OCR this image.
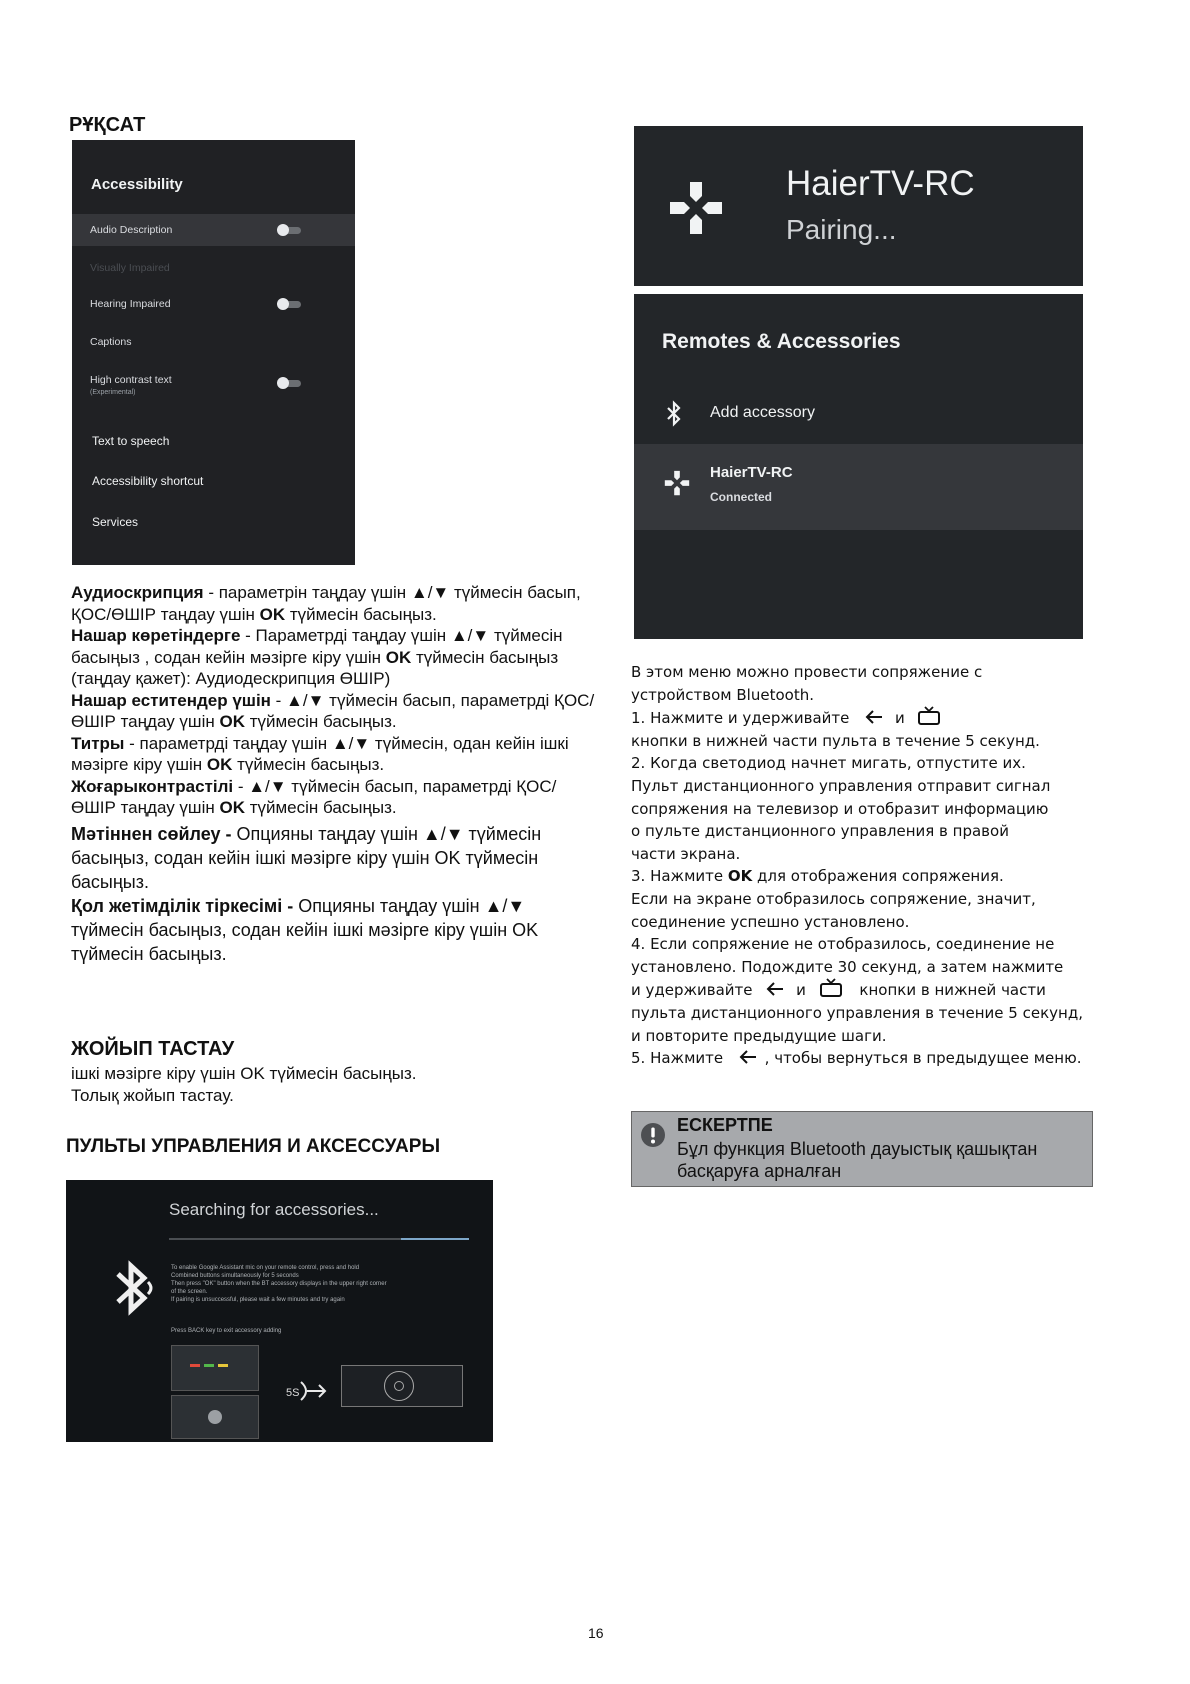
РҰҚСАТ
Accessibility
Audio Description
Visually Impaired
Hearing Impaired
Captions
High contrast text
(Experimental)
Text to speech
Accessibility shortcut
Services
Аудиоскрипция - параметрін таңдау үшін ▲/▼ түймесін басып, ҚОС/ӨШІР таңдау үшін OK түймесін басыңыз.
Нашар көретіндерге - Параметрді таңдау үшін ▲/▼ түймесін басыңыз , содан кейін мәзірге кіру үшін OK түймесін басыңыз (таңдау қажет): Аудиодескрипция ӨШІР)
Нашар еститендер үшін - ▲/▼ түймесін басып, параметрді ҚОС/ӨШІР таңдау үшін OK түймесін басыңыз.
Титры - параметрді таңдау үшін ▲/▼ түймесін, одан кейін ішкі мәзірге кіру үшін OK түймесін басыңыз.
Жоғарыконтрастілі - ▲/▼ түймесін басып, параметрді ҚОС/ӨШІР таңдау үшін OK түймесін басыңыз.
Мәтіннен сөйлеу - Опцияны таңдау үшін ▲/▼ түймесін басыңыз, содан кейін ішкі мәзірге кіру үшін OK түймесін басыңыз.
Қол жетімділік тіркесімі - Опцияны таңдау үшін ▲/▼ түймесін басыңыз, содан кейін ішкі мәзірге кіру үшін OK түймесін басыңыз.
ЖОЙЫП ТАСТАУ
ішкі мәзірге кіру үшін OK түймесін басыңыз.
Толық жойып тастау.
ПУЛЬТЫ УПРАВЛЕНИЯ И АКСЕССУАРЫ
Searching for accessories...
To enable Google Assistant mic on your remote control, press and hold
Combined buttons simultaneously for 5 seconds
Then press "OK" button when the BT accessory displays in the upper right corner
of the screen.
If pairing is unsuccessful, please wait a few minutes and try again
Press BACK key to exit accessory adding
5S
HaierTV-RC
Pairing...
Remotes & Accessories
Add accessory
HaierTV-RC
Connected
В этом меню можно провести сопряжение с
устройством Bluetooth.
1. Нажмите и удерживайте	и
кнопки в нижней части пульта в течение 5 секунд.
2. Когда светодиод начнет мигать, отпустите их.
Пульт дистанционного управления отправит сигнал
сопряжения на телевизор и отобразит информацию
о пульте дистанционного управления в правой
части экрана.
3. Нажмите OK для отображения сопряжения.
Если на экране отобразилось сопряжение, значит,
соединение успешно установлено.
4. Если сопряжение не отобразилось, соединение не
установлено. Подождите 30 секунд, а затем нажмите
и удерживайте	и	кнопки в нижней части
пульта дистанционного управления в течение 5 секунд,
и повторите предыдущие шаги.
5. Нажмите	, чтобы вернуться в предыдущее меню.
ЕСКЕРТПЕ
Бұл функция Bluetooth дауыстық қашықтан
басқаруға арналған
16
